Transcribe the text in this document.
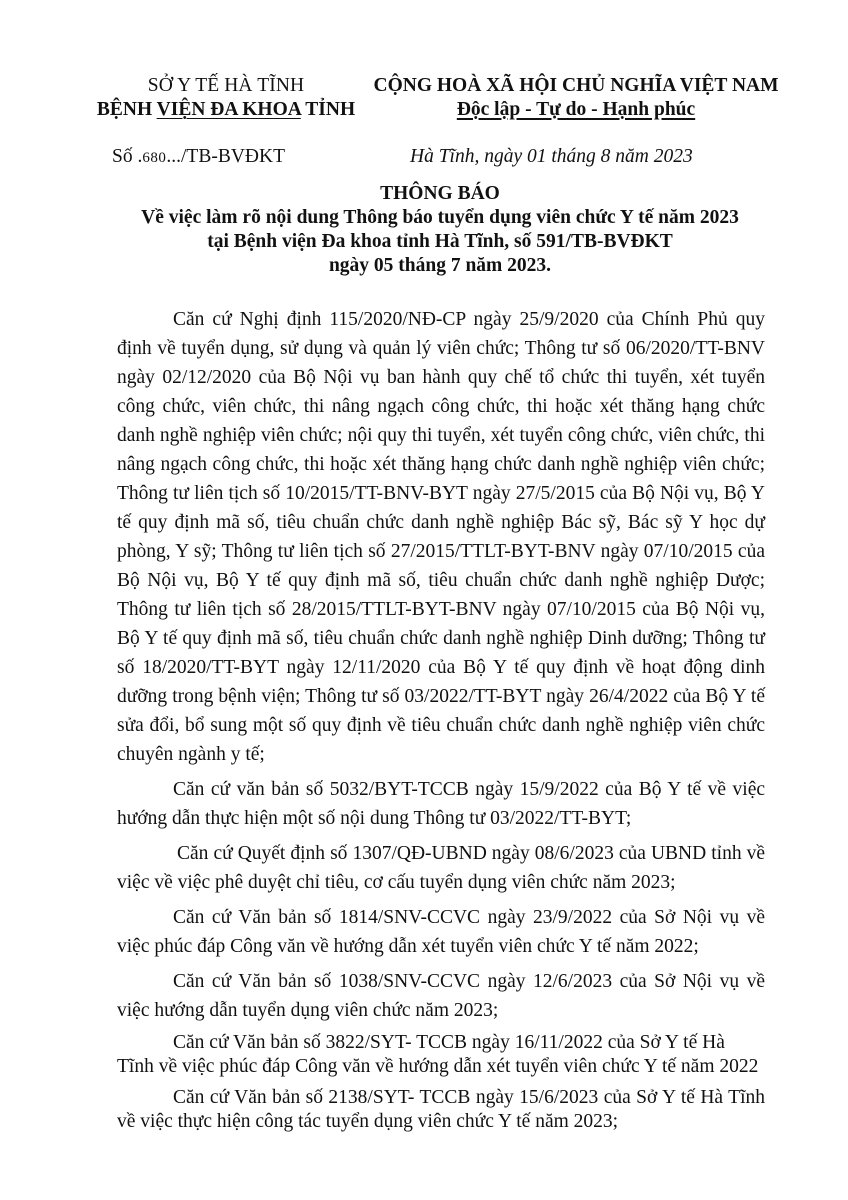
SỞ Y TẾ HÀ TĨNH
BỆNH VIỆN ĐA KHOA TỈNH
CỘNG HOÀ XÃ HỘI CHỦ NGHĨA VIỆT NAM
Độc lập - Tự do - Hạnh phúc
Số .680.../TB-BVĐKT	Hà Tĩnh, ngày 01 tháng 8 năm 2023
THÔNG BÁO
Về việc làm rõ nội dung Thông báo tuyển dụng viên chức Y tế năm 2023
tại Bệnh viện Đa khoa tỉnh Hà Tĩnh, số 591/TB-BVĐKT
ngày 05 tháng 7 năm 2023.

Căn cứ Nghị định 115/2020/NĐ-CP ngày 25/9/2020 của Chính Phủ quy định về tuyển dụng, sử dụng và quản lý viên chức; Thông tư số 06/2020/TT-BNV ngày 02/12/2020 của Bộ Nội vụ ban hành quy chế tổ chức thi tuyển, xét tuyển công chức, viên chức, thi nâng ngạch công chức, thi hoặc xét thăng hạng chức danh nghề nghiệp viên chức; nội quy thi tuyển, xét tuyển công chức, viên chức, thi nâng ngạch công chức, thi hoặc xét thăng hạng chức danh nghề nghiệp viên chức; Thông tư liên tịch số 10/2015/TT-BNV-BYT ngày 27/5/2015 của Bộ Nội vụ, Bộ Y tế quy định mã số, tiêu chuẩn chức danh nghề nghiệp Bác sỹ, Bác sỹ Y học dự phòng, Y sỹ; Thông tư liên tịch số 27/2015/TTLT-BYT-BNV ngày 07/10/2015 của Bộ Nội vụ, Bộ Y tế quy định mã số, tiêu chuẩn chức danh nghề nghiệp Dược; Thông tư liên tịch số 28/2015/TTLT-BYT-BNV ngày 07/10/2015 của Bộ Nội vụ, Bộ Y tế quy định mã số, tiêu chuẩn chức danh nghề nghiệp Dinh dưỡng; Thông tư số 18/2020/TT-BYT ngày 12/11/2020 của Bộ Y tế quy định về hoạt động dinh dưỡng trong bệnh viện; Thông tư số 03/2022/TT-BYT ngày 26/4/2022 của Bộ Y tế sửa đổi, bổ sung một số quy định về tiêu chuẩn chức danh nghề nghiệp viên chức chuyên ngành y tế;

Căn cứ văn bản số 5032/BYT-TCCB ngày 15/9/2022 của Bộ Y tế về việc hướng dẫn thực hiện một số nội dung Thông tư 03/2022/TT-BYT;

Căn cứ Quyết định số 1307/QĐ-UBND ngày 08/6/2023 của UBND tỉnh về việc về việc phê duyệt chỉ tiêu, cơ cấu tuyển dụng viên chức năm 2023;

Căn cứ Văn bản số 1814/SNV-CCVC ngày 23/9/2022 của Sở Nội vụ về việc phúc đáp Công văn về hướng dẫn xét tuyển viên chức Y tế năm 2022;

Căn cứ Văn bản số 1038/SNV-CCVC ngày 12/6/2023 của Sở Nội vụ về việc hướng dẫn tuyển dụng viên chức năm 2023;

Căn cứ Văn bản số 3822/SYT- TCCB ngày 16/11/2022 của Sở Y tế Hà Tĩnh về việc phúc đáp Công văn về hướng dẫn xét tuyển viên chức Y tế năm 2022

Căn cứ Văn bản số 2138/SYT- TCCB ngày 15/6/2023 của Sở Y tế Hà Tĩnh về việc thực hiện công tác tuyển dụng viên chức Y tế năm 2023;
